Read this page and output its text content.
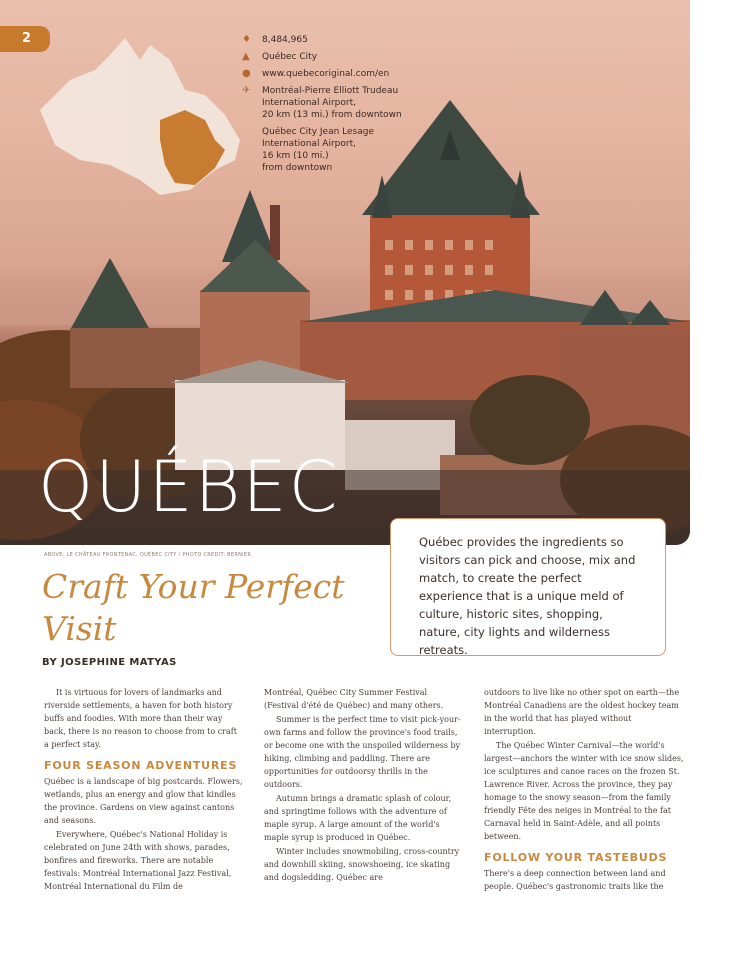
2	♦	8,484,965
▲	Québec City
●	www.quebecoriginal.com/en
✈	Montréal-Pierre Elliott Trudeau
International Airport,
20 km (13 mi.) from downtown
Québec City Jean Lesage
International Airport,
16 km (10 mi.)
from downtown
QUÉBEC
Québec provides the ingredients so visitors can pick and choose, mix and match, to create the perfect experience that is a unique meld of culture, historic sites, shopping, nature, city lights and wilderness retreats.
ABOVE: LE CHÂTEAU FRONTENAC, QUÉBEC CITY / PHOTO CREDIT: BERNIER
Craft Your Perfect Visit
BY JOSEPHINE MATYAS

It is virtuous for lovers of landmarks and riverside settlements, a haven for both history buffs and foodies. With more than their way back, there is no reason to choose from to craft a perfect stay.

FOUR SEASON ADVENTURES

Québec is a landscape of big postcards. Flowers, wetlands, plus an energy and glow that kindles the province. Gardens on view against cantons and seasons.

Everywhere, Québec's National Holiday is celebrated on June 24th with shows, parades, bonfires and fireworks. There are notable festivals: Montréal International Jazz Festival, Montréal International du Film de

Montréal, Québec City Summer Festival (Festival d'été de Québec) and many others.

Summer is the perfect time to visit pick-your-own farms and follow the province's food trails, or become one with the unspoiled wilderness by hiking, climbing and paddling. There are opportunities for outdoorsy thrills in the outdoors.

Autumn brings a dramatic splash of colour, and springtime follows with the adventure of maple syrup. A large amount of the world's maple syrup is produced in Québec.

Winter includes snowmobiling, cross-country and downhill skiing, snowshoeing, ice skating and dogsledding. Québec are

outdoors to live like no other spot on earth—the Montréal Canadiens are the oldest hockey team in the world that has played without interruption.

The Québec Winter Carnival—the world's largest—anchors the winter with ice snow slides, ice sculptures and canoe races on the frozen St. Lawrence River. Across the province, they pay homage to the snowy season—from the family friendly Fête des neiges in Montréal to the fat Carnaval held in Saint-Adèle, and all points between.

FOLLOW YOUR TASTEBUDS

There's a deep connection between land and people. Québec's gastronomic traits like the
